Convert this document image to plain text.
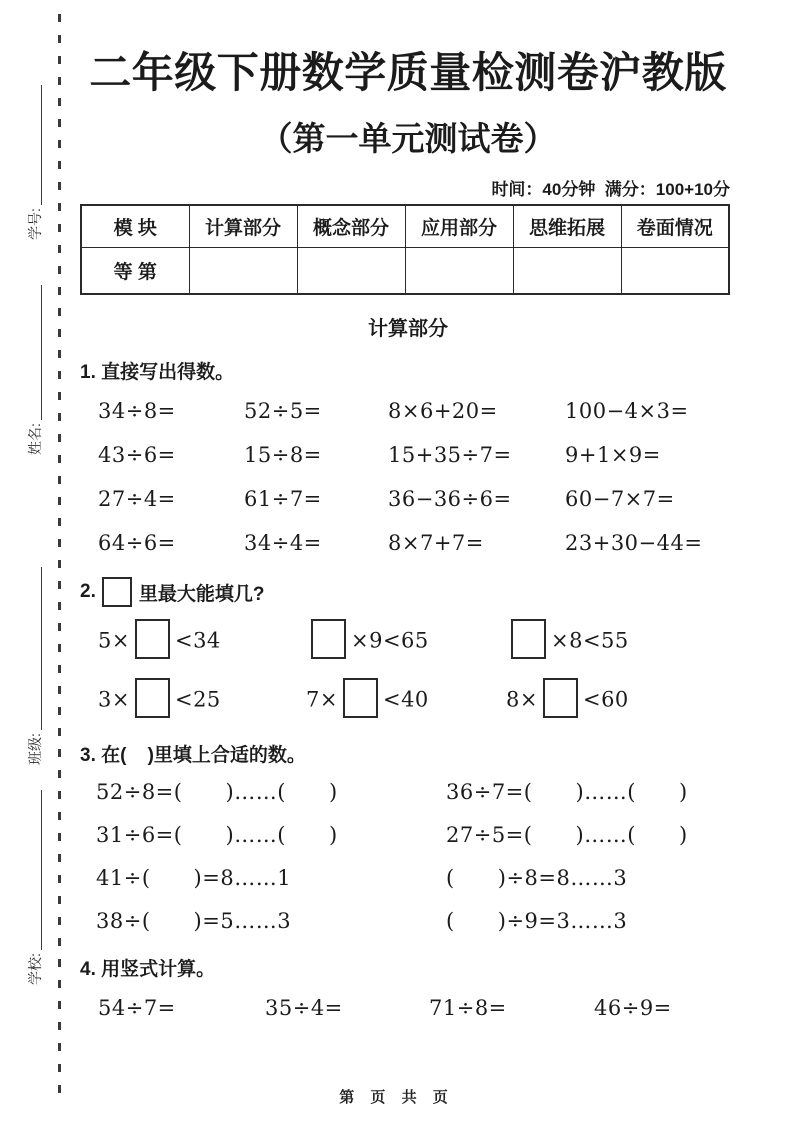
学号:
姓名:
班级:
学校:
二年级下册数学质量检测卷沪教版
（第一单元测试卷）
时间：40分钟  满分：100+10分
模 块	计算部分	概念部分	应用部分	思维拓展	卷面情况
等 第					
计算部分
1. 直接写出得数。
34÷8=	52÷5=	8×6+20=	100−4×3=
43÷6=	15÷8=	15+35÷7=	9+1×9=
27÷4=	61÷7=	36−36÷6=	60−7×7=
64÷6=	34÷4=	8×7+7=	23+30−44=
2. 里最大能填几?
5× <34	×9<65	×8<55
3× <25	7× <40	8× <60
3. 在(    )里填上合适的数。
52÷8=(      )……(      )	36÷7=(      )……(      )
31÷6=(      )……(      )	27÷5=(      )……(      )
41÷(      )=8……1	(      )÷8=8……3
38÷(      )=5……3	(      )÷9=3……3
4. 用竖式计算。
54÷7=	35÷4=	71÷8=	46÷9=
第 页 共 页
